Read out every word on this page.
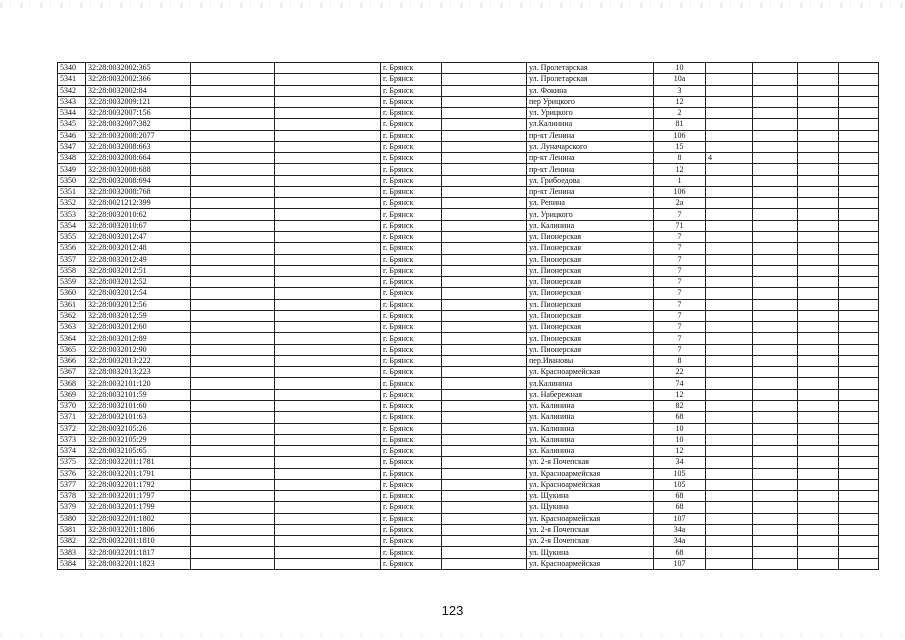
5340	32:28:0032002:365			г. Брянск		ул. Пролетарская	10				
5341	32:28:0032002:366			г. Брянск		ул. Пролетарская	10а				
5342	32:28:0032002:84			г. Брянск		ул. Фокина	3				
5343	32:28:0032009:121			г. Брянск		пер Урицкого	12				
5344	32:28:0032007:156			г. Брянск		ул. Урицкого	2				
5345	32:28:0032007:382			г. Брянск		ул.Калинина	81				
5346	32:28:0032008:2077			г. Брянск		пр-кт Ленина	106				
5347	32:28:0032008:663			г. Брянск		ул. Луначарского	15				
5348	32:28:0032008:664			г. Брянск		пр-кт Ленина	8	4			
5349	32:28:0032008:688			г. Брянск		пр-кт Ленина	12				
5350	32:28:0032008:694			г. Брянск		ул. Грибоедова	1				
5351	32:28:0032008:768			г. Брянск		пр-кт Ленина	106				
5352	32:28:0021212:399			г. Брянск		ул. Репина	2а				
5353	32:28:0032010:62			г. Брянск		ул. Урицкого	7				
5354	32:28:0032010:67			г. Брянск		ул. Калинина	71				
5355	32:28:0032012:47			г. Брянск		ул. Пионерская	7				
5356	32:28:0032012:48			г. Брянск		ул. Пионерская	7				
5357	32:28:0032012:49			г. Брянск		ул. Пионерская	7				
5358	32:28:0032012:51			г. Брянск		ул. Пионерская	7				
5359	32:28:0032012:52			г. Брянск		ул. Пионерская	7				
5360	32:28:0032012:54			г. Брянск		ул. Пионерская	7				
5361	32:28:0032012:56			г. Брянск		ул. Пионерская	7				
5362	32:28:0032012:59			г. Брянск		ул. Пионерская	7				
5363	32:28:0032012:60			г. Брянск		ул. Пионерская	7				
5364	32:28:0032012:89			г. Брянск		ул. Пионерская	7				
5365	32:28:0032012:90			г. Брянск		ул. Пионерская	7				
5366	32:28:0032013:222			г. Брянск		пер.Ивановы	8				
5367	32:28:0032013:223			г. Брянск		ул. Красноармейская	22				
5368	32:28:0032101:120			г. Брянск		ул.Калинина	74				
5369	32:28:0032101:59			г. Брянск		ул. Набережная	12				
5370	32:28:0032101:60			г. Брянск		ул. Калинина	82				
5371	32:28:0032101:63			г. Брянск		ул. Калинина	68				
5372	32:28:0032105:26			г. Брянск		ул. Калинина	10				
5373	32:28:0032105:29			г. Брянск		ул. Калинина	10				
5374	32:28:0032105:65			г. Брянск		ул. Калинина	12				
5375	32:28:0032201:1781			г. Брянск		ул. 2-я Почепская	34				
5376	32:28:0032201:1791			г. Брянск		ул. Красноармейская	105				
5377	32:28:0032201:1792			г. Брянск		ул. Красноармейская	105				
5378	32:28:0032201:1797			г. Брянск		ул. Щукина	68				
5379	32:28:0032201:1799			г. Брянск		ул. Щукина	68				
5380	32:28:0032201:1802			г. Брянск		ул. Красноармейская	107				
5381	32:28:0032201:1806			г. Брянск		ул. 2-я Почепская	34а				
5382	32:28:0032201:1810			г. Брянск		ул. 2-я Почепская	34а				
5383	32:28:0032201:1817			г. Брянск		ул. Щукина	68				
5384	32:28:0032201:1823			г. Брянск		ул. Красноармейская	107				
123
